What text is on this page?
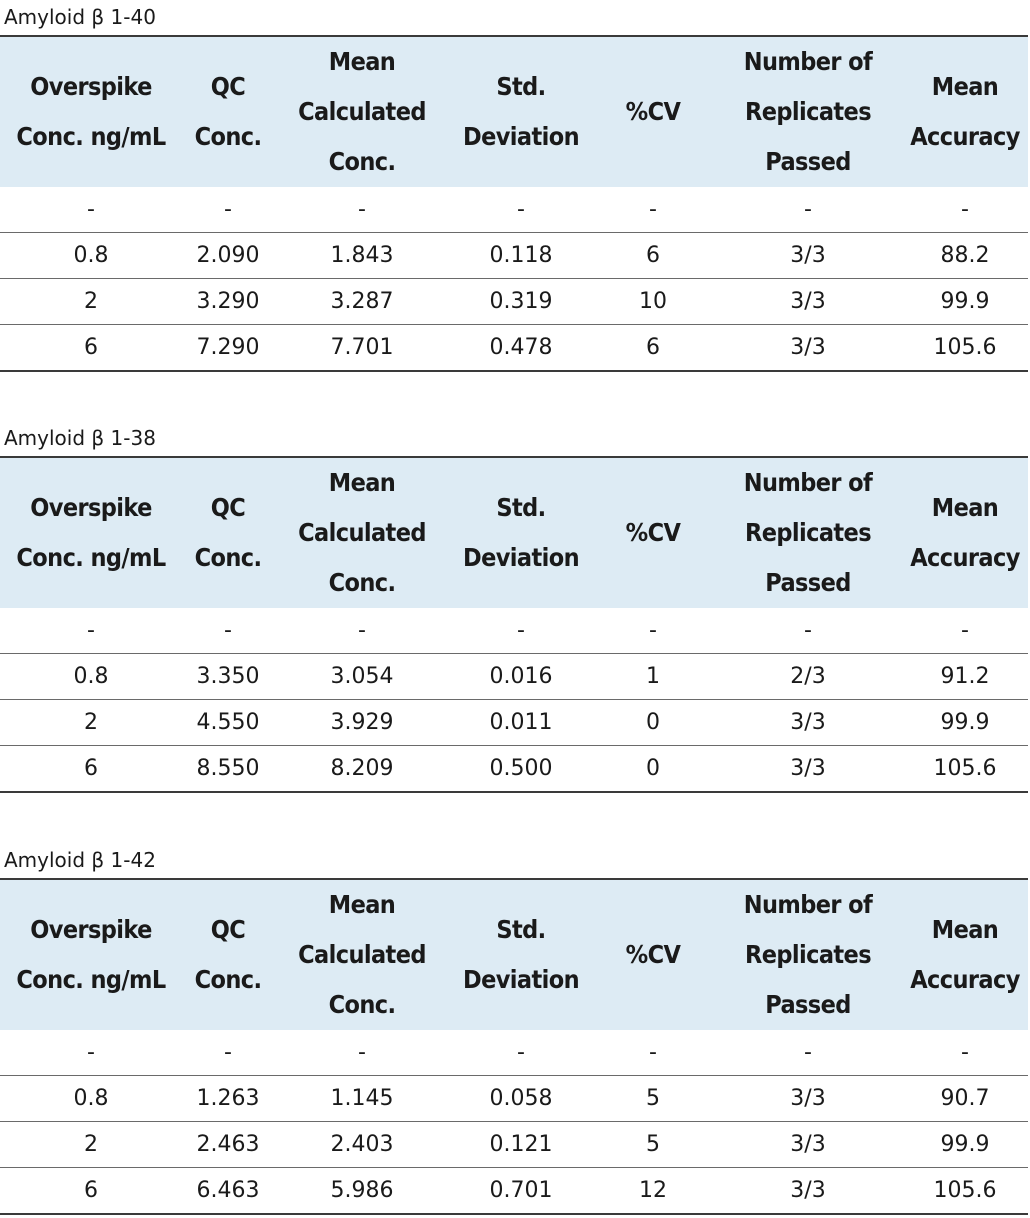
Amyloid β 1-40
Overspike
Conc. ng/mL	QC
Conc.	Mean
Calculated
Conc.	Std.
Deviation	%CV	Number of
Replicates
Passed	Mean
Accuracy
-	-	-	-	-	-	-
0.8	2.090	1.843	0.118	6	3/3	88.2
2	3.290	3.287	0.319	10	3/3	99.9
6	7.290	7.701	0.478	6	3/3	105.6
Amyloid β 1-38
Overspike
Conc. ng/mL	QC
Conc.	Mean
Calculated
Conc.	Std.
Deviation	%CV	Number of
Replicates
Passed	Mean
Accuracy
-	-	-	-	-	-	-
0.8	3.350	3.054	0.016	1	2/3	91.2
2	4.550	3.929	0.011	0	3/3	99.9
6	8.550	8.209	0.500	0	3/3	105.6
Amyloid β 1-42
Overspike
Conc. ng/mL	QC
Conc.	Mean
Calculated
Conc.	Std.
Deviation	%CV	Number of
Replicates
Passed	Mean
Accuracy
-	-	-	-	-	-	-
0.8	1.263	1.145	0.058	5	3/3	90.7
2	2.463	2.403	0.121	5	3/3	99.9
6	6.463	5.986	0.701	12	3/3	105.6
